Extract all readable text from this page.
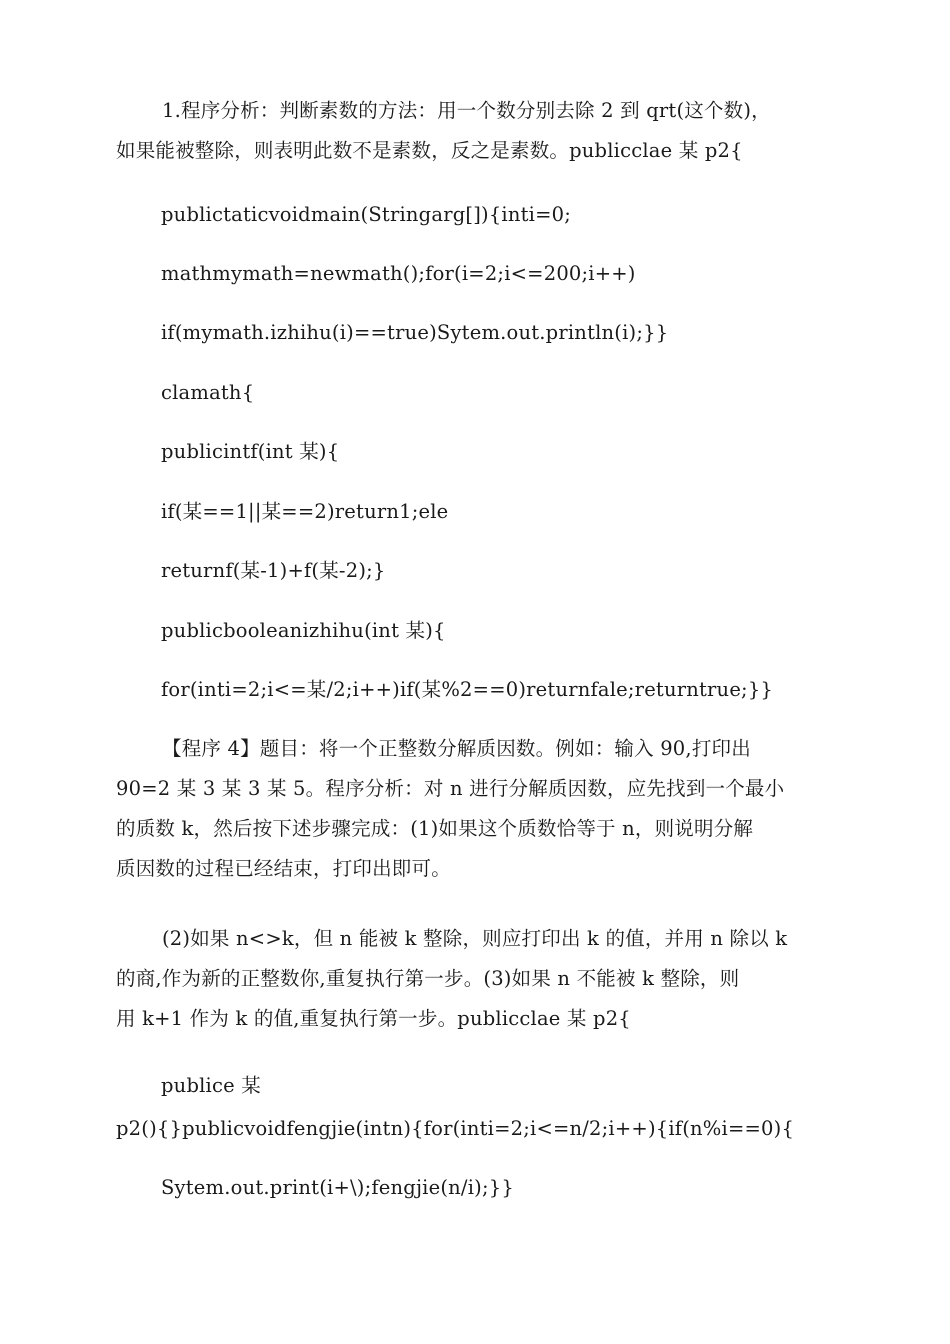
1.程序分析：判断素数的方法：用一个数分别去除 2 到 qrt(这个数)，
如果能被整除，则表明此数不是素数，反之是素数。publicclae 某 p2{
publictaticvoidmain(Stringarg[]){inti=0;
mathmymath=newmath();for(i=2;i<=200;i++)
if(mymath.izhihu(i)==true)Sytem.out.println(i);}}
clamath{
publicintf(int 某){
if(某==1||某==2)return1;ele
returnf(某-1)+f(某-2);}
publicbooleanizhihu(int 某){
for(inti=2;i<=某/2;i++)if(某%2==0)returnfale;returntrue;}}
【程序 4】题目：将一个正整数分解质因数。例如：输入 90,打印出
90=2 某 3 某 3 某 5。程序分析：对 n 进行分解质因数，应先找到一个最小
的质数 k，然后按下述步骤完成：(1)如果这个质数恰等于 n，则说明分解
质因数的过程已经结束，打印出即可。
(2)如果 n<>k，但 n 能被 k 整除，则应打印出 k 的值，并用 n 除以 k
的商,作为新的正整数你,重复执行第一步。(3)如果 n 不能被 k 整除，则
用 k+1 作为 k 的值,重复执行第一步。publicclae 某 p2{
publice 某
p2(){}publicvoidfengjie(intn){for(inti=2;i<=n/2;i++){if(n%i==0){
Sytem.out.print(i+\);fengjie(n/i);}}
